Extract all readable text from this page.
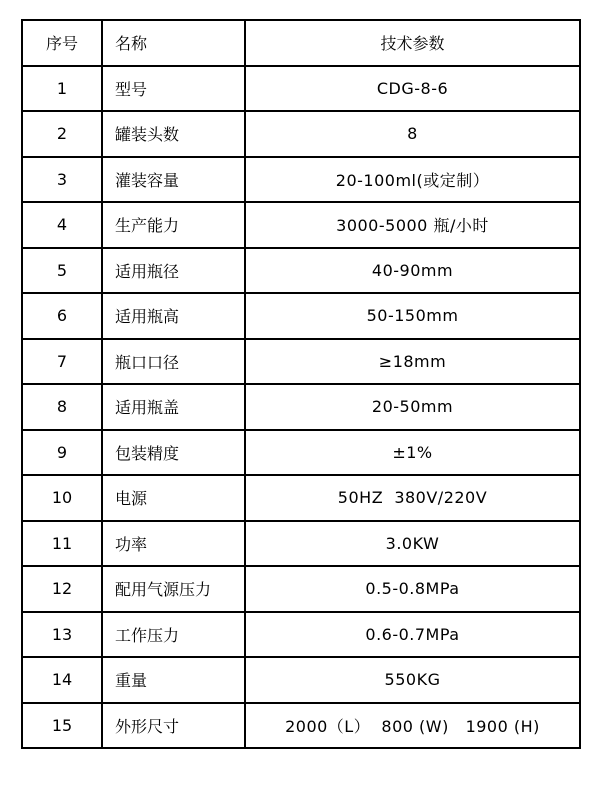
序号	名称	技术参数
1	型号	CDG-8-6
2	罐装头数	8
3	灌装容量	20-100ml(或定制）
4	生产能力	3000-5000 瓶/小时
5	适用瓶径	40-90mm
6	适用瓶高	50-150mm
7	瓶口口径	≥18mm
8	适用瓶盖	20-50mm
9	包装精度	±1%
10	电源	50HZ  380V/220V
11	功率	3.0KW
12	配用气源压力	0.5-0.8MPa
13	工作压力	0.6-0.7MPa
14	重量	550KG
15	外形尺寸	2000（L）  800 (W)   1900 (H)
